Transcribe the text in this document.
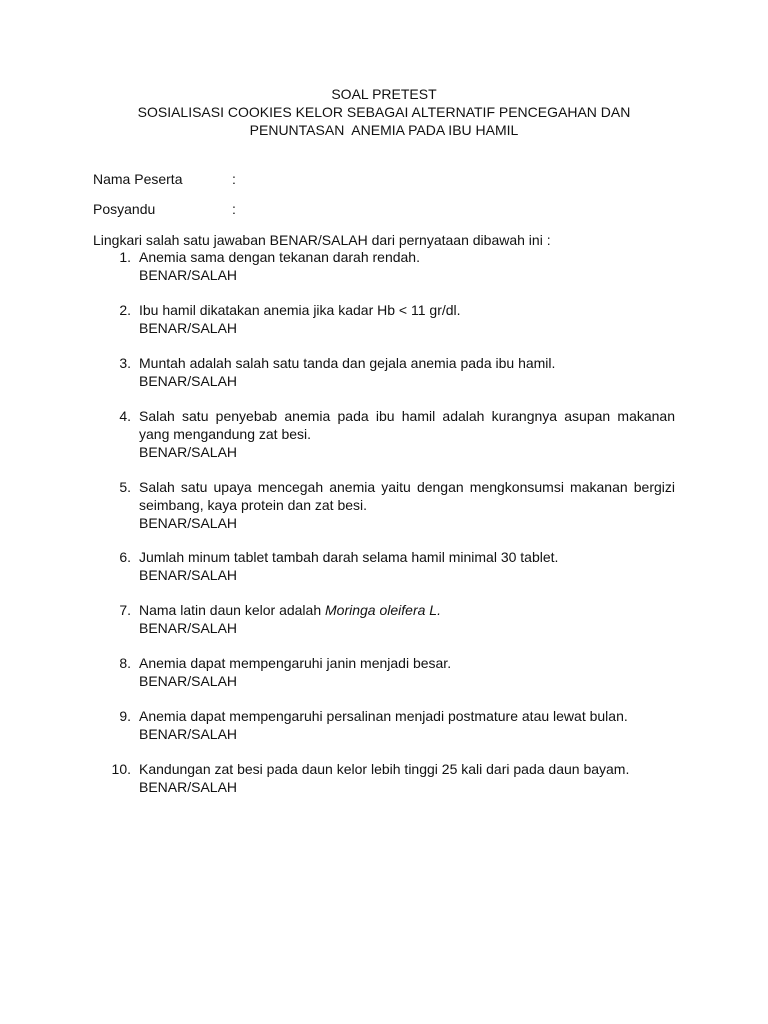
SOAL PRETEST
SOSIALISASI COOKIES KELOR SEBAGAI ALTERNATIF PENCEGAHAN DAN
PENUNTASAN  ANEMIA PADA IBU HAMIL
Nama Peserta	:
Posyandu	:
Lingkari salah satu jawaban BENAR/SALAH dari pernyataan dibawah ini :
1. Anemia sama dengan tekanan darah rendah.
BENAR/SALAH
2. Ibu hamil dikatakan anemia jika kadar Hb < 11 gr/dl.
BENAR/SALAH
3. Muntah adalah salah satu tanda dan gejala anemia pada ibu hamil.
BENAR/SALAH
4. Salah satu penyebab anemia pada ibu hamil adalah kurangnya asupan makanan yang mengandung zat besi.
BENAR/SALAH
5. Salah satu upaya mencegah anemia yaitu dengan mengkonsumsi makanan bergizi seimbang, kaya protein dan zat besi.
BENAR/SALAH
6. Jumlah minum tablet tambah darah selama hamil minimal 30 tablet.
BENAR/SALAH
7. Nama latin daun kelor adalah Moringa oleifera L.
BENAR/SALAH
8. Anemia dapat mempengaruhi janin menjadi besar.
BENAR/SALAH
9. Anemia dapat mempengaruhi persalinan menjadi postmature atau lewat bulan.
BENAR/SALAH
10. Kandungan zat besi pada daun kelor lebih tinggi 25 kali dari pada daun bayam.
BENAR/SALAH
